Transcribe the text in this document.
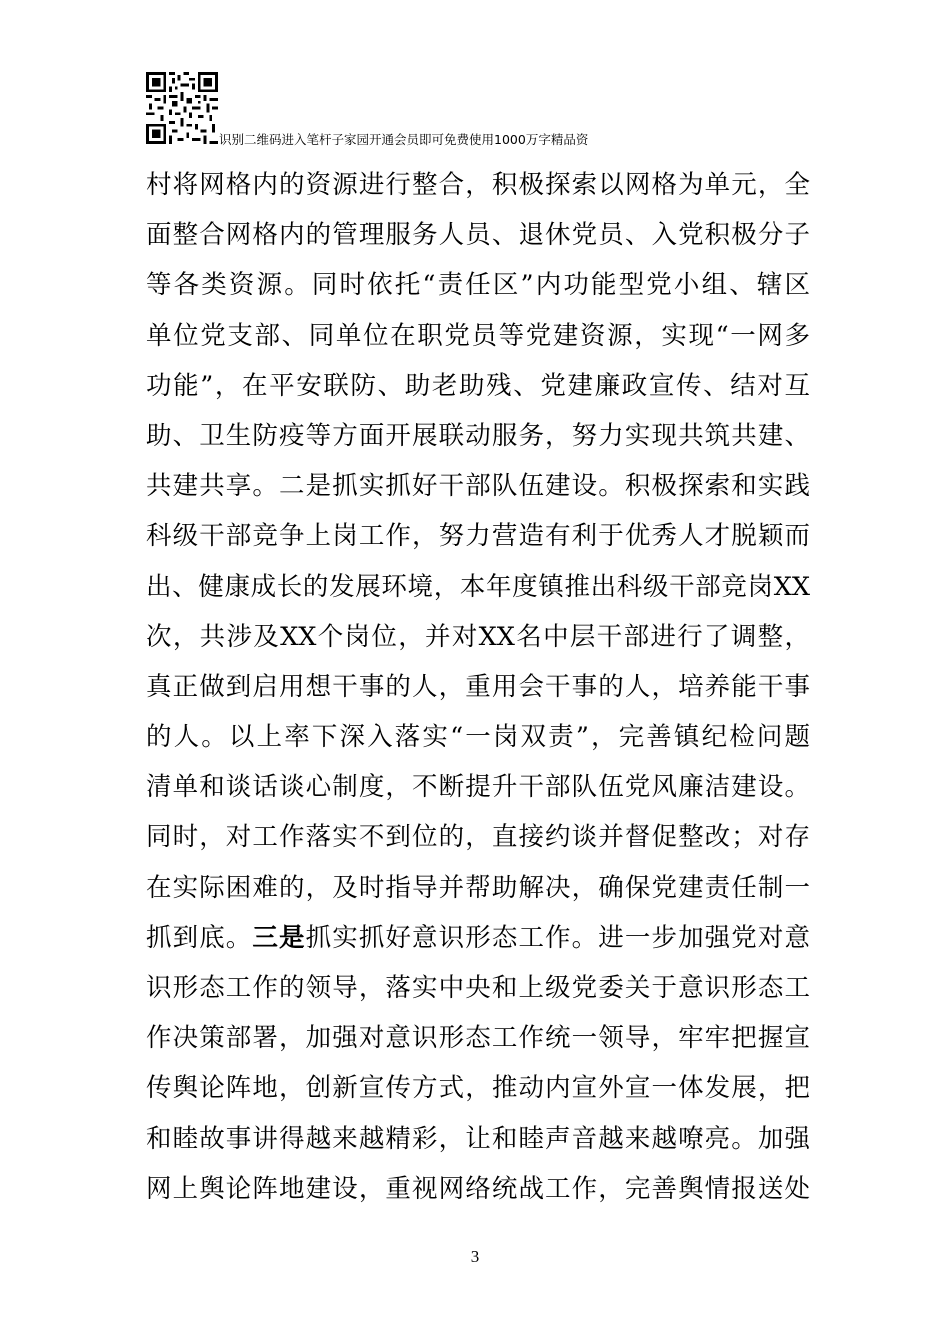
识别二维码进入笔杆子家园开通会员即可免费使用1000万字精品资
村将网格内的资源进行整合，积极探索以网格为单元，全
面整合网格内的管理服务人员、退休党员、入党积极分子
等各类资源。同时依托“责任区”内功能型党小组、辖区
单位党支部、同单位在职党员等党建资源，实现“一网多
功能”，在平安联防、助老助残、党建廉政宣传、结对互
助、卫生防疫等方面开展联动服务，努力实现共筑共建、
共建共享。二是抓实抓好干部队伍建设。积极探索和实践
科级干部竞争上岗工作，努力营造有利于优秀人才脱颖而
出、健康成长的发展环境，本年度镇推出科级干部竞岗XX
次，共涉及XX个岗位，并对XX名中层干部进行了调整，
真正做到启用想干事的人，重用会干事的人，培养能干事
的人。以上率下深入落实“一岗双责”，完善镇纪检问题
清单和谈话谈心制度，不断提升干部队伍党风廉洁建设。
同时，对工作落实不到位的，直接约谈并督促整改；对存
在实际困难的，及时指导并帮助解决，确保党建责任制一
抓到底。三是抓实抓好意识形态工作。进一步加强党对意
识形态工作的领导，落实中央和上级党委关于意识形态工
作决策部署，加强对意识形态工作统一领导，牢牢把握宣
传舆论阵地，创新宣传方式，推动内宣外宣一体发展，把
和睦故事讲得越来越精彩，让和睦声音越来越嘹亮。加强
网上舆论阵地建设，重视网络统战工作，完善舆情报送处
3
